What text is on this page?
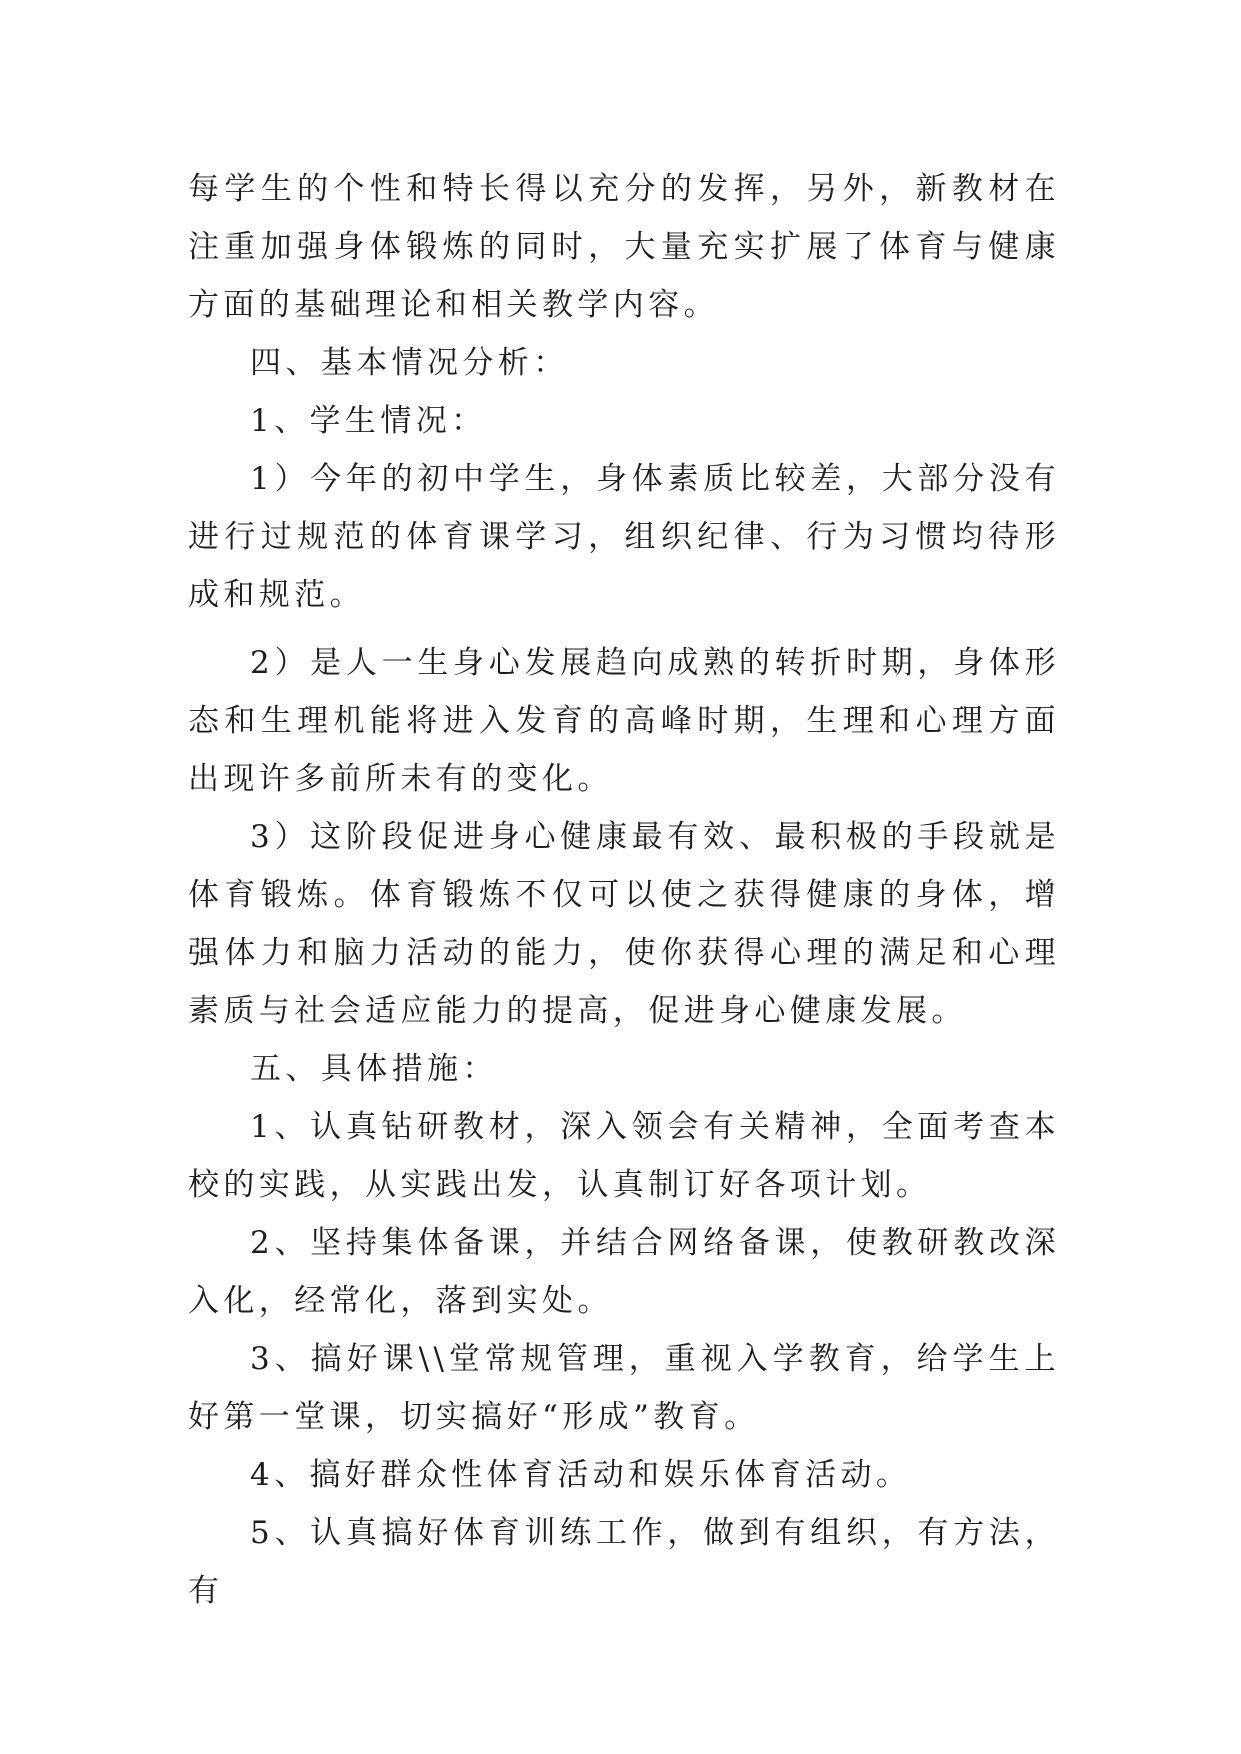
每学生的个性和特长得以充分的发挥，另外，新教材在注重加强身体锻炼的同时，大量充实扩展了体育与健康方面的基础理论和相关教学内容。

四、基本情况分析：

1、学生情况：

1）今年的初中学生，身体素质比较差，大部分没有进行过规范的体育课学习，组织纪律、行为习惯均待形成和规范。

2）是人一生身心发展趋向成熟的转折时期，身体形态和生理机能将进入发育的高峰时期，生理和心理方面出现许多前所未有的变化。

3）这阶段促进身心健康最有效、最积极的手段就是体育锻炼。体育锻炼不仅可以使之获得健康的身体，增强体力和脑力活动的能力，使你获得心理的满足和心理素质与社会适应能力的提高，促进身心健康发展。

五、具体措施：

1、认真钻研教材，深入领会有关精神，全面考查本校的实践，从实践出发，认真制订好各项计划。

2、坚持集体备课，并结合网络备课，使教研教改深入化，经常化，落到实处。

3、搞好课\\堂常规管理，重视入学教育，给学生上好第一堂课，切实搞好“形成”教育。

4、搞好群众性体育活动和娱乐体育活动。

5、认真搞好体育训练工作，做到有组织，有方法，有
